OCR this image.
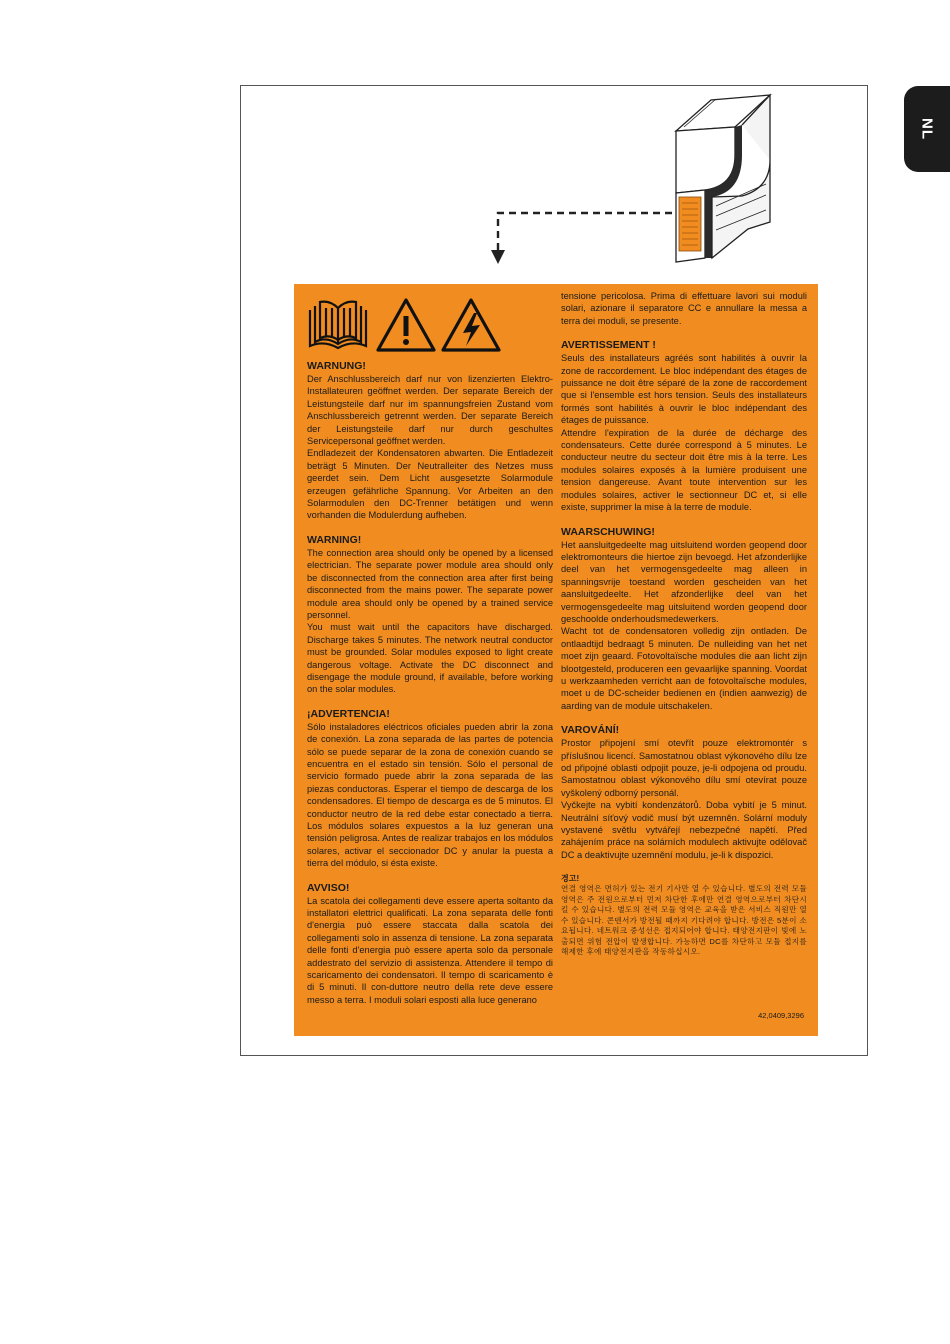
NL
WARNUNG!

Der Anschlussbereich darf nur von lizenzierten Elektro-Installateuren geöffnet werden. Der separate Bereich der Leistungsteile darf nur im spannungsfreien Zustand vom Anschlussbereich getrennt werden. Der separate Bereich der Leistungsteile darf nur durch geschultes Servicepersonal geöffnet werden.

Endladezeit der Kondensatoren abwarten. Die Entladezeit beträgt 5 Minuten. Der Neutralleiter des Netzes muss geerdet sein. Dem Licht ausgesetzte Solarmodule erzeugen gefährliche Spannung. Vor Arbeiten an den Solarmodulen den DC-Trenner betätigen und wenn vorhanden die Modulerdung aufheben.

WARNING!

The connection area should only be opened by a licensed electrician. The separate power module area should only be disconnected from the connection area after first being disconnected from the mains power. The separate power module area should only be opened by a trained service personnel.

You must wait until the capacitors have discharged. Discharge takes 5 minutes. The network neutral conductor must be grounded. Solar modules exposed to light create dangerous voltage. Activate the DC disconnect and disengage the module ground, if available, before working on the solar modules.

¡ADVERTENCIA!

Sólo instaladores eléctricos oficiales pueden abrir la zona de conexión. La zona separada de las partes de potencia sólo se puede separar de la zona de conexión cuando se encuentra en el estado sin tensión. Sólo el personal de servicio formado puede abrir la zona separada de las piezas conductoras. Esperar el tiempo de descarga de los condensadores. El tiempo de descarga es de 5 minutos. El conductor neutro de la red debe estar conectado a tierra. Los módulos solares expuestos a la luz generan una tensión peligrosa. Antes de realizar trabajos en los módulos solares, activar el seccionador DC y anular la puesta a tierra del módulo, si ésta existe.

AVVISO!

La scatola dei collegamenti deve essere aperta soltanto da installatori elettrici qualificati. La zona separata delle fonti d'energia può essere staccata dalla scatola dei collegamenti solo in assenza di tensione. La zona separata delle fonti d'energia può essere aperta solo da personale addestrato del servizio di assistenza. Attendere il tempo di scaricamento dei condensatori. Il tempo di scaricamento è di 5 minuti. Il con-duttore neutro della rete deve essere messo a terra. I moduli solari esposti alla luce generano

tensione pericolosa. Prima di effettuare lavori sui moduli solari, azionare il separatore CC e annullare la messa a terra dei moduli, se presente.

AVERTISSEMENT !

Seuls des installateurs agréés sont habilités à ouvrir la zone de raccordement. Le bloc indépendant des étages de puissance ne doit être séparé de la zone de raccordement que si l'ensemble est hors tension. Seuls des installateurs formés sont habilités à ouvrir le bloc indépendant des étages de puissance.

Attendre l'expiration de la durée de décharge des condensateurs. Cette durée correspond à 5 minutes. Le conducteur neutre du secteur doit être mis à la terre. Les modules solaires exposés à la lumière produisent une tension dangereuse. Avant toute intervention sur les modules solaires, activer le sectionneur DC et, si elle existe, supprimer la mise à la terre de module.

WAARSCHUWING!

Het aansluitgedeelte mag uitsluitend worden geopend door elektromonteurs die hiertoe zijn bevoegd. Het afzonderlijke deel van het vermogensgedeelte mag alleen in spanningsvrije toestand worden gescheiden van het aansluitgedeelte. Het afzonderlijke deel van het vermogensgedeelte mag uitsluitend worden geopend door geschoolde onderhoudsmedewerkers.

Wacht tot de condensatoren volledig zijn ontladen. De ontlaadtijd bedraagt 5 minuten. De nulleiding van het net moet zijn geaard. Fotovoltaïsche modules die aan licht zijn blootgesteld, produceren een gevaarlijke spanning. Voordat u werkzaamheden verricht aan de fotovoltaïsche modules, moet u de DC-scheider bedienen en (indien aanwezig) de aarding van de module uitschakelen.

VAROVÁNÍ!

Prostor připojení smí otevřít pouze elektromontér s příslušnou licencí. Samostatnou oblast výkonového dílu lze od připojné oblasti odpojit pouze, je-li odpojena od proudu. Samostatnou oblast výkonového dílu smí otevírat pouze vyškolený odborný personál.

Vyčkejte na vybití kondenzátorů. Doba vybití je 5 minut. Neutrální síťový vodič musí být uzemněn. Solární moduly vystavené světlu vytvářejí nebezpečné napětí. Před zahájením práce na solárních modulech aktivujte odělovač DC a deaktivujte uzemnění modulu, je-li k dispozici.

경고!

연결 영역은 면허가 있는 전기 기사만 열 수 있습니다. 별도의 전력 모듈 영역은 주 전원으로부터 먼저 차단한 후에만 연결 영역으로부터 차단시킬 수 있습니다. 별도의 전력 모듈 영역은 교육을 받은 서비스 직원만 열 수 있습니다. 콘덴서가 방전될 때까지 기다려야 합니다. 방전은 5분이 소요됩니다. 네트워크 중성선은 접지되어야 합니다. 태양전지판이 빛에 노출되면 위험 전압이 발생합니다. 가능하면 DC를 차단하고 모듈 접지를 해제한 후에 태양전지판을 작동하십시오.

42,0409,3296
